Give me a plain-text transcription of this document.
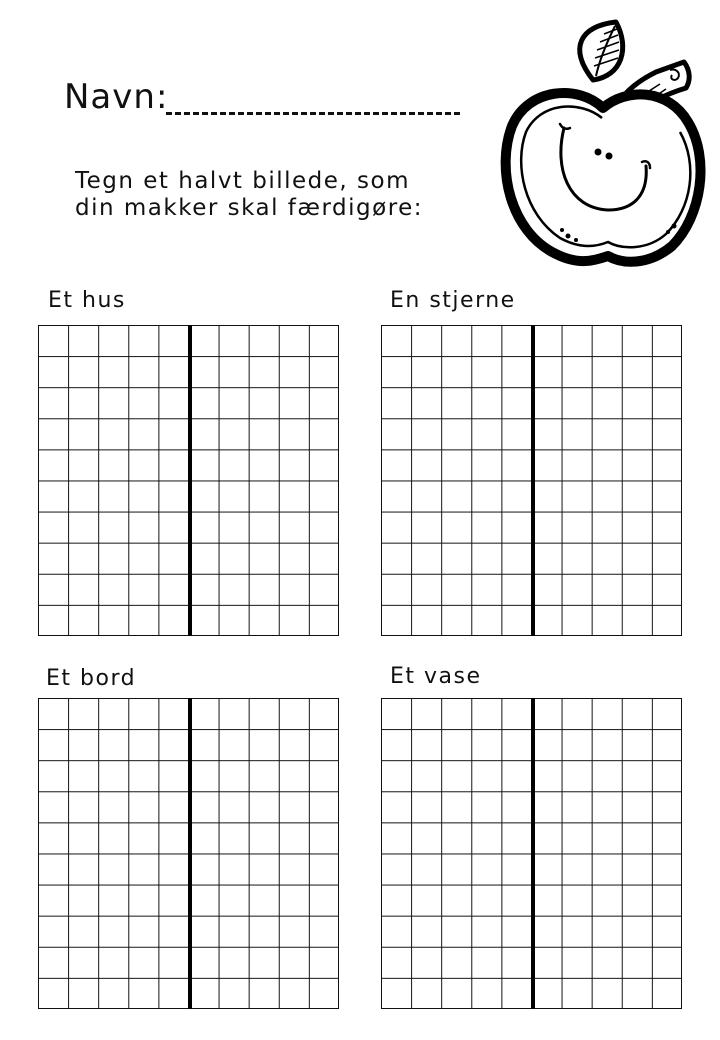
Navn:
Tegn et halvt billede, som
din makker skal færdigøre:
Et hus	En stjerne
Et bord	Et vase
